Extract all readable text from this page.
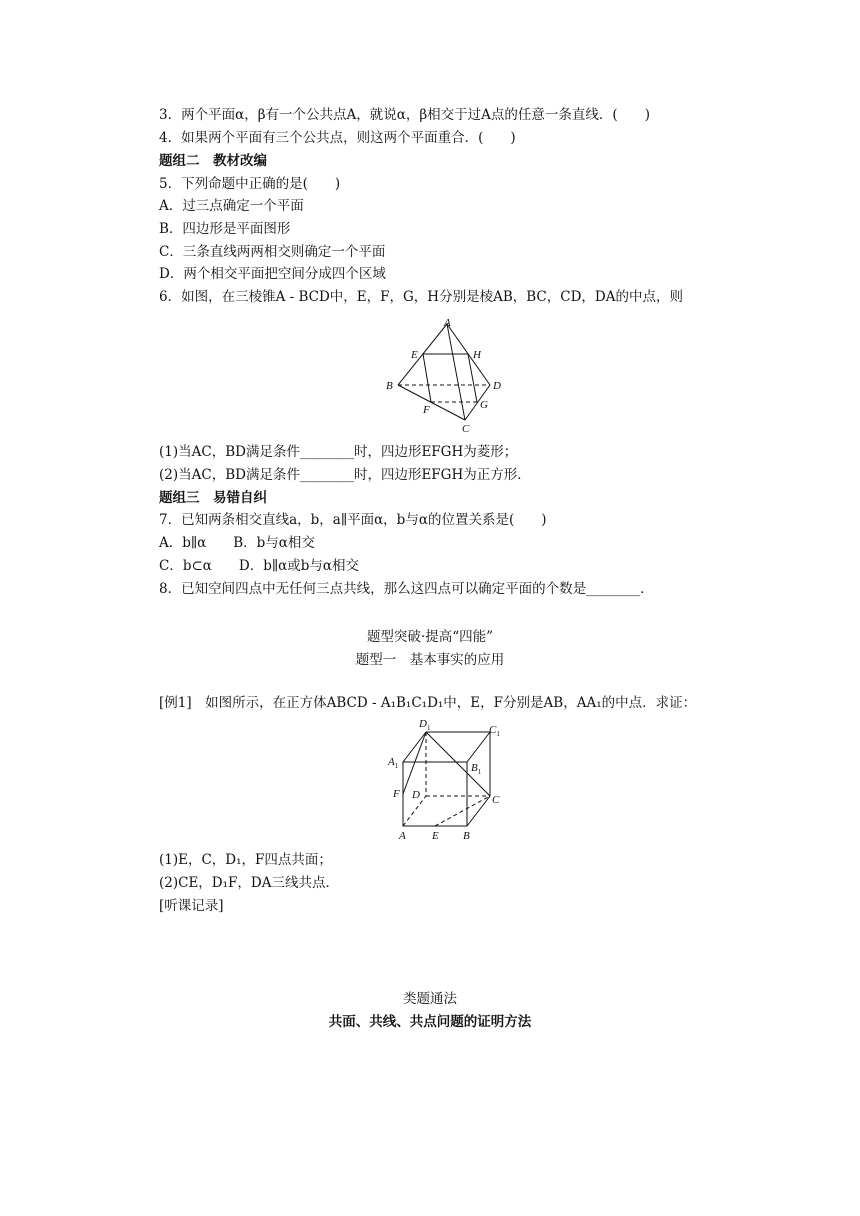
3．两个平面α，β有一个公共点A，就说α，β相交于过A点的任意一条直线．(　　)
4．如果两个平面有三个公共点，则这两个平面重合．(　　)
题组二　教材改编
5．下列命题中正确的是(　　)
A．过三点确定一个平面
B．四边形是平面图形
C．三条直线两两相交则确定一个平面
D．两个相交平面把空间分成四个区域
6．如图，在三棱锥A - BCD中，E，F，G，H分别是棱AB，BC，CD，DA的中点，则
A
E	H
B	D
F	G
C
(1)当AC，BD满足条件________时，四边形EFGH为菱形；
(2)当AC，BD满足条件________时，四边形EFGH为正方形．
题组三　易错自纠
7．已知两条相交直线a，b，a∥平面α，b与α的位置关系是(　　)
A．b∥α　　B．b与α相交
C．b⊂α　　D．b∥α或b与α相交
8．已知空间四点中无任何三点共线，那么这四点可以确定平面的个数是________．
题型突破·提高“四能”
题型一　基本事实的应用
[例1]　如图所示，在正方体ABCD - A₁B₁C₁D₁中，E，F分别是AB，AA₁的中点．求证：
$D_1$	$C_1$
$A_1$	$B_1$
F D	C
A E B
(1)E，C，D₁，F四点共面；
(2)CE，D₁F，DA三线共点．
[听课记录]
类题通法
共面、共线、共点问题的证明方法
